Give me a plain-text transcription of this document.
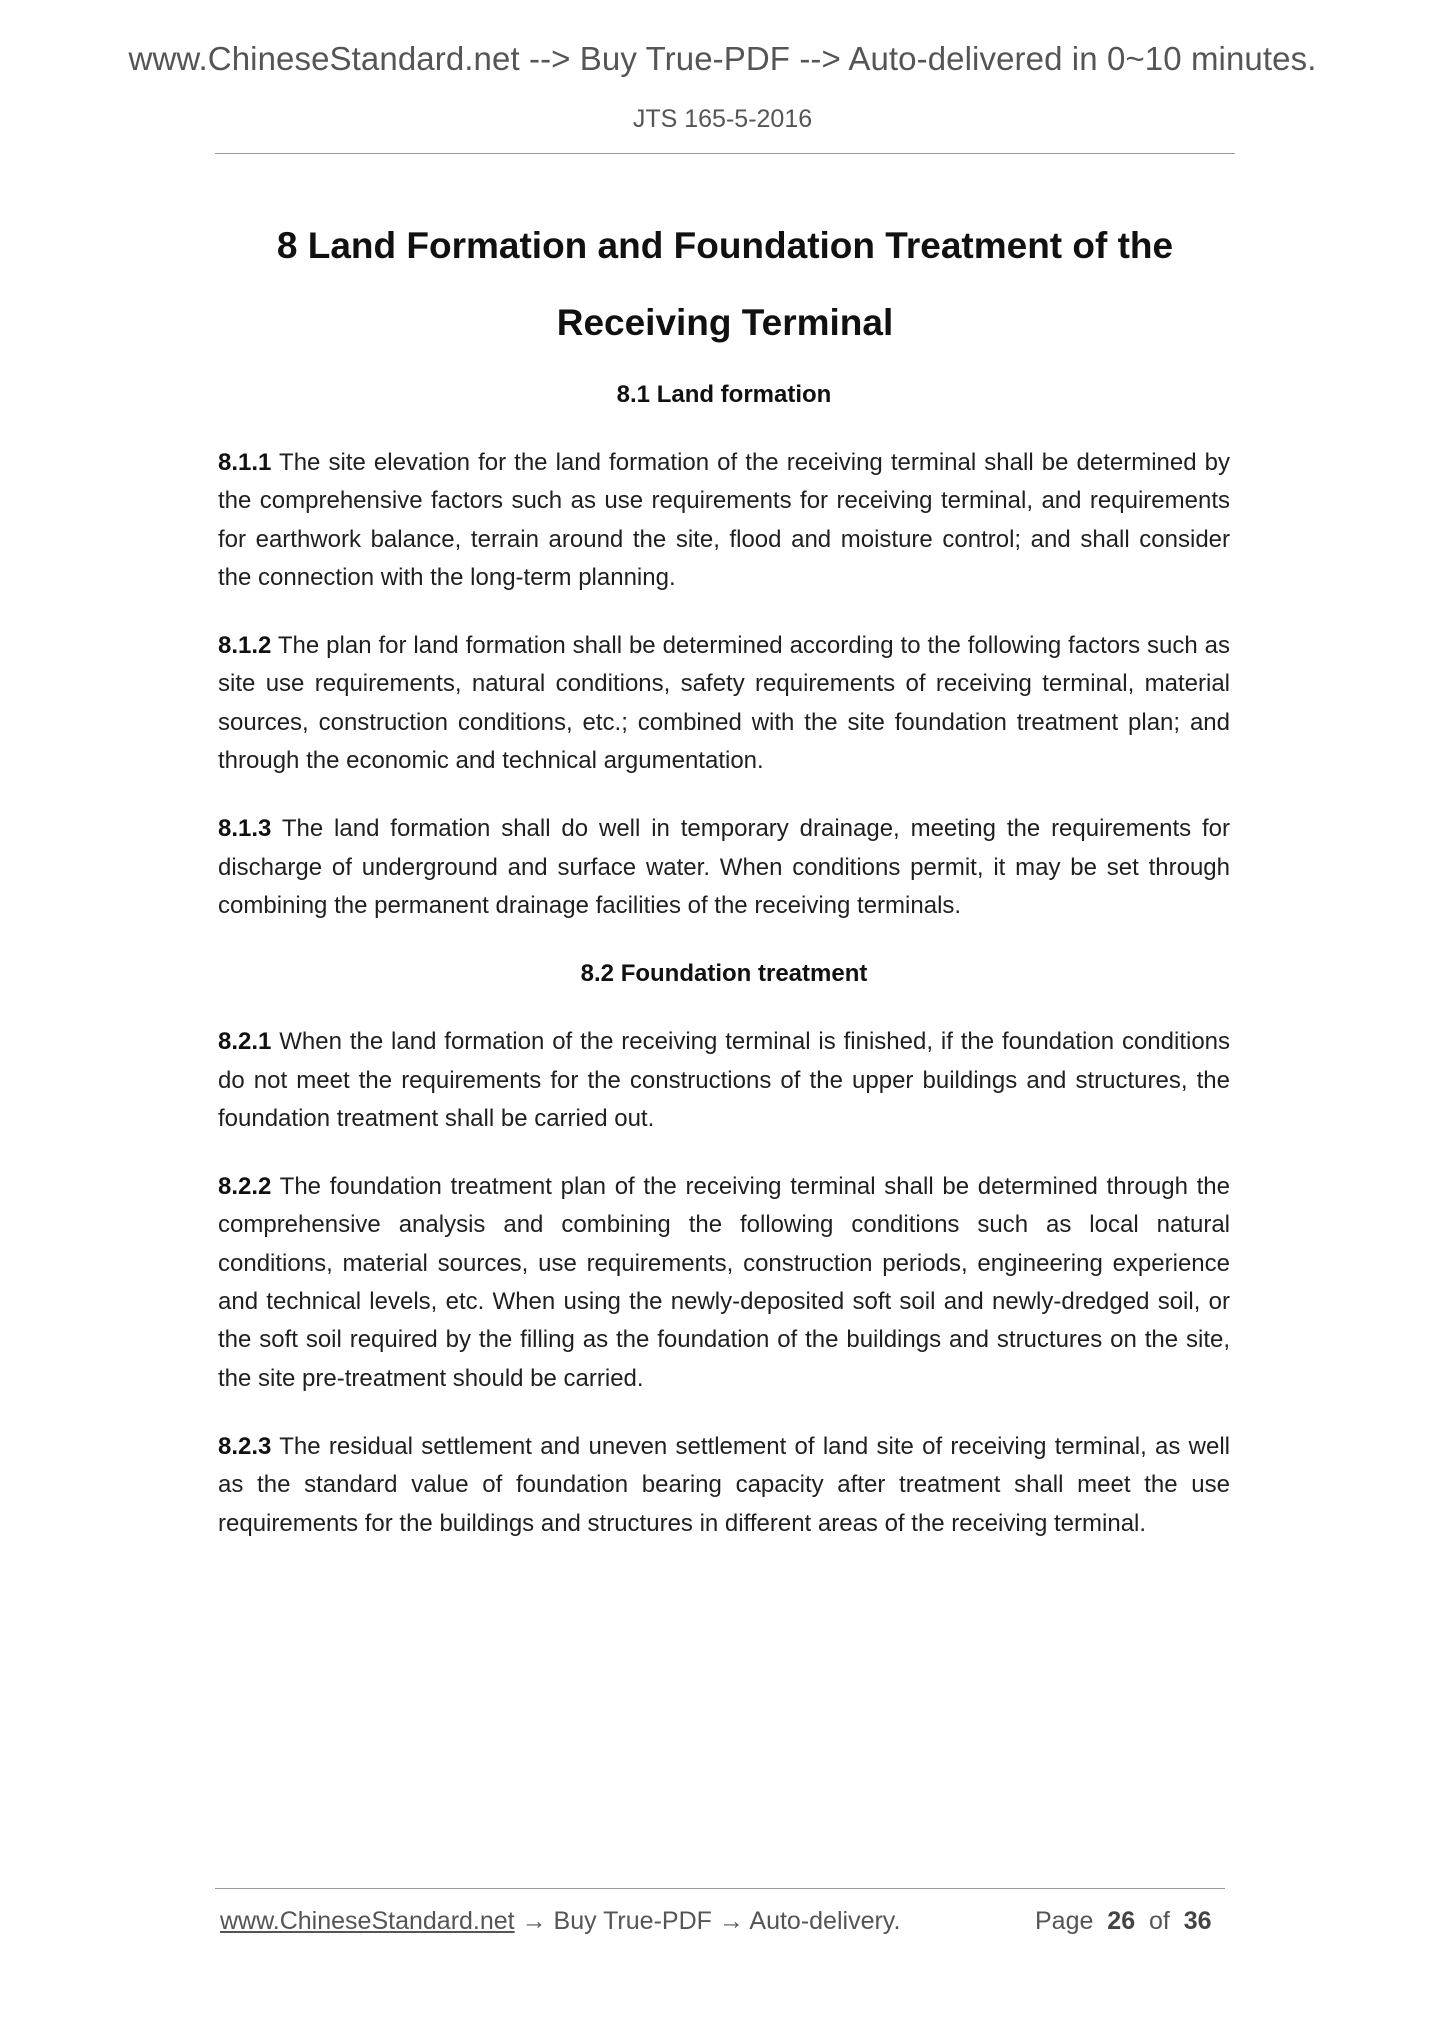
www.ChineseStandard.net --> Buy True-PDF --> Auto-delivered in 0~10 minutes.
JTS 165-5-2016
8 Land Formation and Foundation Treatment of the
Receiving Terminal
8.1 Land formation

8.1.1 The site elevation for the land formation of the receiving terminal shall be determined by the comprehensive factors such as use requirements for receiving terminal, and requirements for earthwork balance, terrain around the site, flood and moisture control; and shall consider the connection with the long-term planning.

8.1.2 The plan for land formation shall be determined according to the following factors such as site use requirements, natural conditions, safety requirements of receiving terminal, material sources, construction conditions, etc.; combined with the site foundation treatment plan; and through the economic and technical argumentation.

8.1.3 The land formation shall do well in temporary drainage, meeting the requirements for discharge of underground and surface water. When conditions permit, it may be set through combining the permanent drainage facilities of the receiving terminals.

8.2 Foundation treatment

8.2.1 When the land formation of the receiving terminal is finished, if the foundation conditions do not meet the requirements for the constructions of the upper buildings and structures, the foundation treatment shall be carried out.

8.2.2 The foundation treatment plan of the receiving terminal shall be determined through the comprehensive analysis and combining the following conditions such as local natural conditions, material sources, use requirements, construction periods, engineering experience and technical levels, etc. When using the newly-deposited soft soil and newly-dredged soil, or the soft soil required by the filling as the foundation of the buildings and structures on the site, the site pre-treatment should be carried.

8.2.3 The residual settlement and uneven settlement of land site of receiving terminal, as well as the standard value of foundation bearing capacity after treatment shall meet the use requirements for the buildings and structures in different areas of the receiving terminal.

www.ChineseStandard.net → Buy True-PDF → Auto-delivery.	Page 26 of 36
